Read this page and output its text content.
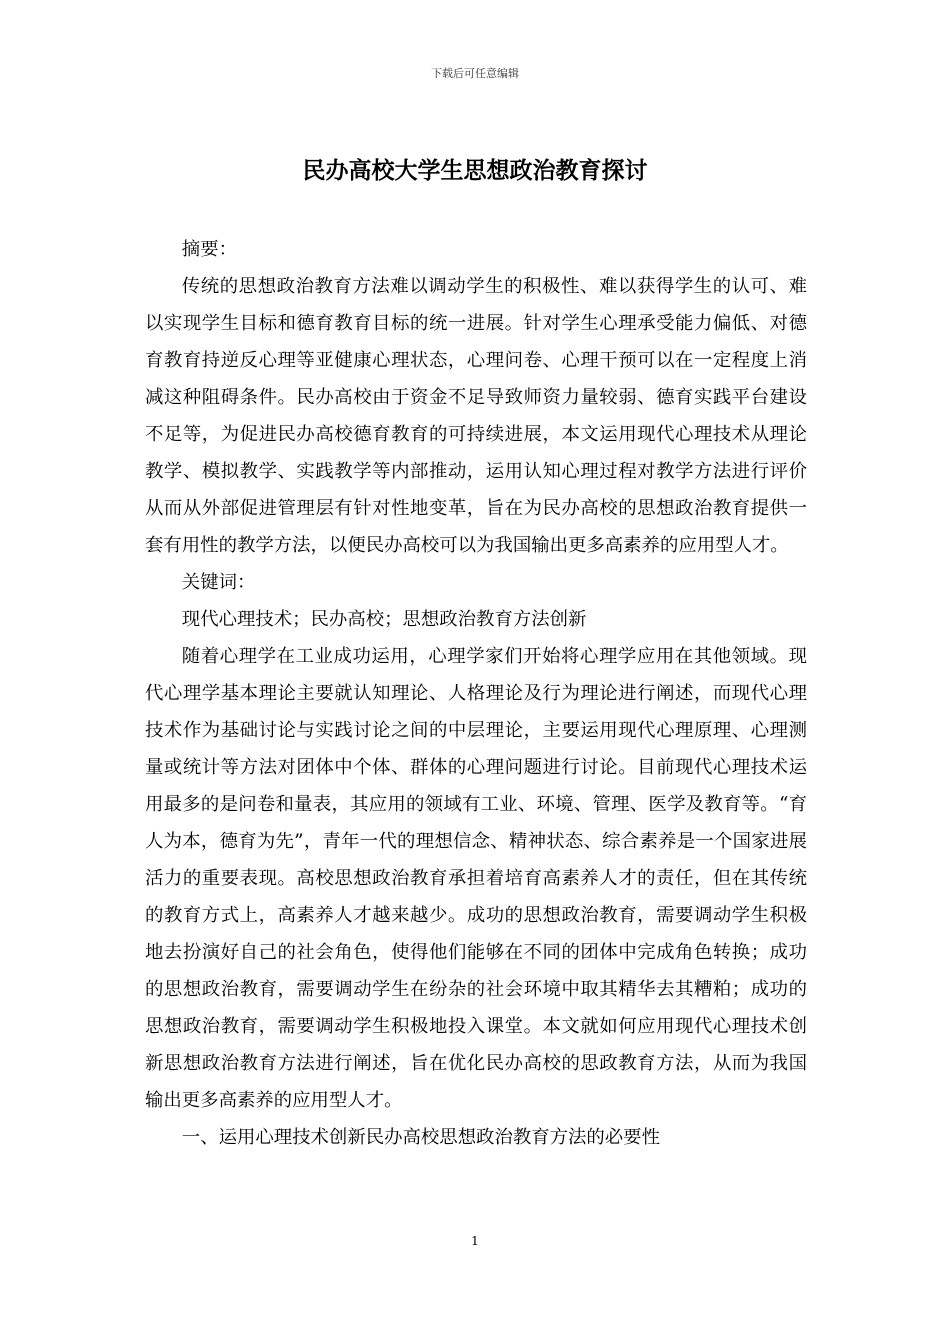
下载后可任意编辑
民办高校大学生思想政治教育探讨

摘要：

传统的思想政治教育方法难以调动学生的积极性、难以获得学生的认可、难以实现学生目标和德育教育目标的统一进展。针对学生心理承受能力偏低、对德育教育持逆反心理等亚健康心理状态，心理问卷、心理干预可以在一定程度上消减这种阻碍条件。民办高校由于资金不足导致师资力量较弱、德育实践平台建设不足等，为促进民办高校德育教育的可持续进展，本文运用现代心理技术从理论教学、模拟教学、实践教学等内部推动，运用认知心理过程对教学方法进行评价从而从外部促进管理层有针对性地变革，旨在为民办高校的思想政治教育提供一套有用性的教学方法，以便民办高校可以为我国输出更多高素养的应用型人才。

关键词：

现代心理技术；民办高校；思想政治教育方法创新

随着心理学在工业成功运用，心理学家们开始将心理学应用在其他领域。现代心理学基本理论主要就认知理论、人格理论及行为理论进行阐述，而现代心理技术作为基础讨论与实践讨论之间的中层理论，主要运用现代心理原理、心理测量或统计等方法对团体中个体、群体的心理问题进行讨论。目前现代心理技术运用最多的是问卷和量表，其应用的领域有工业、环境、管理、医学及教育等。“育人为本，德育为先”，青年一代的理想信念、精神状态、综合素养是一个国家进展活力的重要表现。高校思想政治教育承担着培育高素养人才的责任，但在其传统的教育方式上，高素养人才越来越少。成功的思想政治教育，需要调动学生积极地去扮演好自己的社会角色，使得他们能够在不同的团体中完成角色转换；成功的思想政治教育，需要调动学生在纷杂的社会环境中取其精华去其糟粕；成功的思想政治教育，需要调动学生积极地投入课堂。本文就如何应用现代心理技术创新思想政治教育方法进行阐述，旨在优化民办高校的思政教育方法，从而为我国输出更多高素养的应用型人才。

一、运用心理技术创新民办高校思想政治教育方法的必要性

1
